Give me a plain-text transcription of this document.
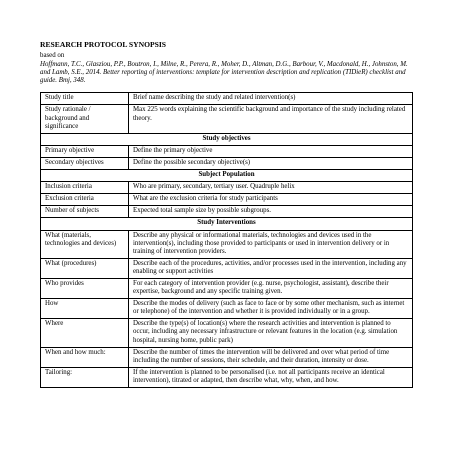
RESEARCH PROTOCOL SYNOPSIS

based on

Hoffmann, T.C., Glasziou, P.P., Boutron, I., Milne, R., Perera, R., Moher, D., Altman, D.G., Barbour, V., Macdonald, H., Johnston, M. and Lamb, S.E., 2014. Better reporting of interventions: template for intervention description and replication (TIDieR) checklist and guide. Bmj, 348.

Study title	Brief name describing the study and related intervention(s)
Study rationale / background and significance	Max 225 words explaining the scientific background and importance of the study including related theory.
Study objectives	
Primary objective	Define the primary objective
Secondary objectives	Define the possible secondary objective(s)
Subject Population	
Inclusion criteria	Who are primary, secondary, tertiary user. Quadruple helix
Exclusion criteria	What are the exclusion criteria for study participants
Number of subjects	Expected total sample size by possible subgroups.
Study Interventions	
What (materials, technologies and devices)	Describe any physical or informational materials, technologies and devices used in the intervention(s), including those provided to participants or used in intervention delivery or in training of intervention providers.
What (procedures)	Describe each of the procedures, activities, and/or processes used in the intervention, including any enabling or support activities
Who provides	For each category of intervention provider (e.g. nurse, psychologist, assistant), describe their expertise, background and any specific training given.
How	Describe the modes of delivery (such as face to face or by some other mechanism, such as internet or telephone) of the intervention and whether it is provided individually or in a group.
Where	Describe the type(s) of location(s) where the research activities and intervention is planned to occur, including any necessary infrastructure or relevant features in the location (e.g. simulation hospital, nursing home, public park)
When and how much:	Describe the number of times the intervention will be delivered and over what period of time including the number of sessions, their schedule, and their duration, intensity or dose.
Tailoring:	If the intervention is planned to be personalised (i.e. not all participants receive an identical intervention), titrated or adapted, then describe what, why, when, and how.
